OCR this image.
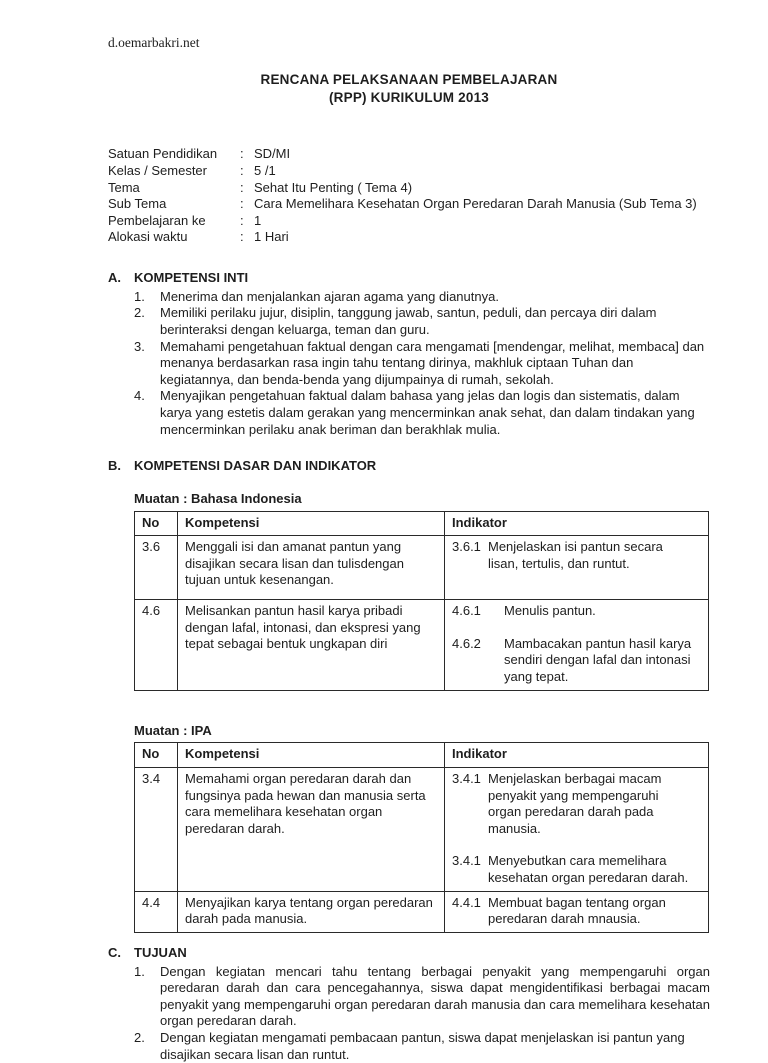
d.oemarbakri.net
RENCANA PELAKSANAAN PEMBELAJARAN
(RPP) KURIKULUM 2013
Satuan Pendidikan	: SD/MI
Kelas / Semester	: 5 /1
Tema	: Sehat Itu Penting ( Tema 4)
Sub Tema	: Cara Memelihara Kesehatan Organ Peredaran Darah Manusia (Sub Tema 3)
Pembelajaran ke	: 1
Alokasi waktu	: 1 Hari
A.	KOMPETENSI INTI
1.	Menerima dan menjalankan ajaran agama yang dianutnya.
2.	Memiliki perilaku jujur, disiplin, tanggung jawab, santun, peduli, dan percaya diri dalam berinteraksi dengan keluarga, teman dan guru.
3.	Memahami pengetahuan faktual dengan cara mengamati [mendengar, melihat, membaca] dan menanya berdasarkan rasa ingin tahu tentang dirinya, makhluk ciptaan Tuhan dan kegiatannya, dan benda-benda yang dijumpainya di rumah, sekolah.
4.	Menyajikan pengetahuan faktual dalam bahasa yang jelas dan logis dan sistematis, dalam karya yang estetis dalam gerakan yang mencerminkan anak sehat, dan dalam tindakan yang mencerminkan perilaku anak beriman dan berakhlak mulia.
B.	KOMPETENSI DASAR DAN INDIKATOR
Muatan : Bahasa Indonesia
No	Kompetensi	Indikator
3.6	Menggali isi dan amanat pantun yang disajikan secara lisan dan tulisdengan tujuan untuk kesenangan.	3.6.1 Menjelaskan isi pantun secara lisan, tertulis, dan runtut.

4.6	Melisankan pantun hasil karya pribadi dengan lafal, intonasi, dan ekspresi yang tepat sebagai bentuk ungkapan diri	4.6.1 Menulis pantun.
4.6.2 Mambacakan pantun hasil karya sendiri dengan lafal dan intonasi yang tepat.
Muatan : IPA
No	Kompetensi	Indikator
3.4	Memahami organ peredaran darah dan fungsinya pada hewan dan manusia serta cara memelihara kesehatan organ peredaran darah.	3.4.1 Menjelaskan berbagai macam penyakit yang mempengaruhi organ peredaran darah pada manusia.
3.4.1 Menyebutkan cara memelihara kesehatan organ peredaran darah.

4.4	Menyajikan karya tentang organ peredaran darah pada manusia.	4.4.1 Membuat bagan tentang organ peredaran darah mnausia.
C.	TUJUAN
1.	Dengan kegiatan mencari tahu tentang berbagai penyakit yang mempengaruhi organ peredaran darah dan cara pencegahannya, siswa dapat mengidentifikasi berbagai macam penyakit yang mempengaruhi organ peredaran darah manusia dan cara memelihara kesehatan organ peredaran darah.
2.	Dengan kegiatan mengamati pembacaan pantun, siswa dapat menjelaskan isi pantun yang disajikan secara lisan dan runtut.
